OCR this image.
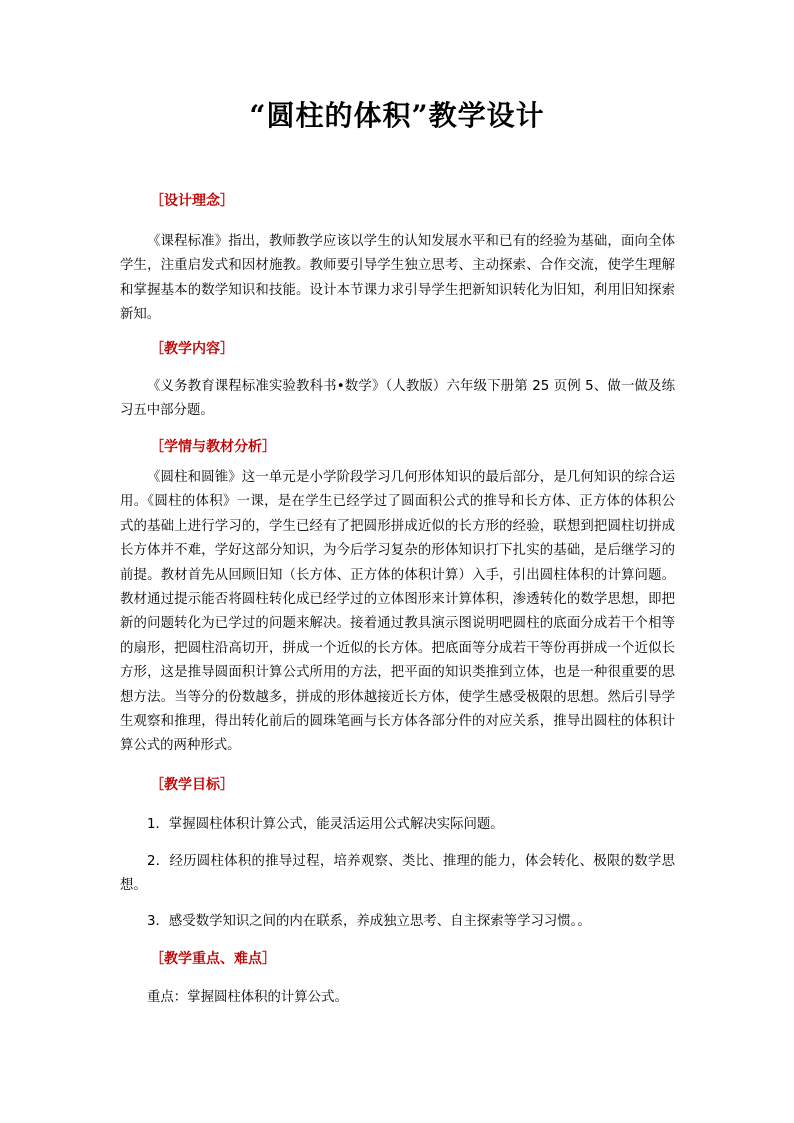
“圆柱的体积”教学设计
［设计理念］

《课程标准》指出，教师教学应该以学生的认知发展水平和已有的经验为基础，面向全体学生，注重启发式和因材施教。教师要引导学生独立思考、主动探索、合作交流，使学生理解和掌握基本的数学知识和技能。设计本节课力求引导学生把新知识转化为旧知，利用旧知探索新知。

［教学内容］

《义务教育课程标准实验教科书•数学》（人教版）六年级下册第 25 页例 5、做一做及练习五中部分题。

［学情与教材分析］

《圆柱和圆锥》这一单元是小学阶段学习几何形体知识的最后部分，是几何知识的综合运用。《圆柱的体积》一课，是在学生已经学过了圆面积公式的推导和长方体、正方体的体积公式的基础上进行学习的，学生已经有了把圆形拼成近似的长方形的经验，联想到把圆柱切拼成长方体并不难，学好这部分知识，为今后学习复杂的形体知识打下扎实的基础，是后继学习的前提。教材首先从回顾旧知（长方体、正方体的体积计算）入手，引出圆柱体积的计算问题。教材通过提示能否将圆柱转化成已经学过的立体图形来计算体积，渗透转化的数学思想，即把新的问题转化为已学过的问题来解决。接着通过教具演示图说明吧圆柱的底面分成若干个相等的扇形，把圆柱沿高切开，拼成一个近似的长方体。把底面等分成若干等份再拼成一个近似长方形，这是推导圆面积计算公式所用的方法，把平面的知识类推到立体，也是一种很重要的思想方法。当等分的份数越多，拼成的形体越接近长方体，使学生感受极限的思想。然后引导学生观察和推理，得出转化前后的圆珠笔画与长方体各部分件的对应关系，推导出圆柱的体积计算公式的两种形式。

［教学目标］

1．掌握圆柱体积计算公式，能灵活运用公式解决实际问题。

2．经历圆柱体积的推导过程，培养观察、类比、推理的能力，体会转化、极限的数学思想。

3．感受数学知识之间的内在联系，养成独立思考、自主探索等学习习惯。。

［教学重点、难点］

重点：掌握圆柱体积的计算公式。
